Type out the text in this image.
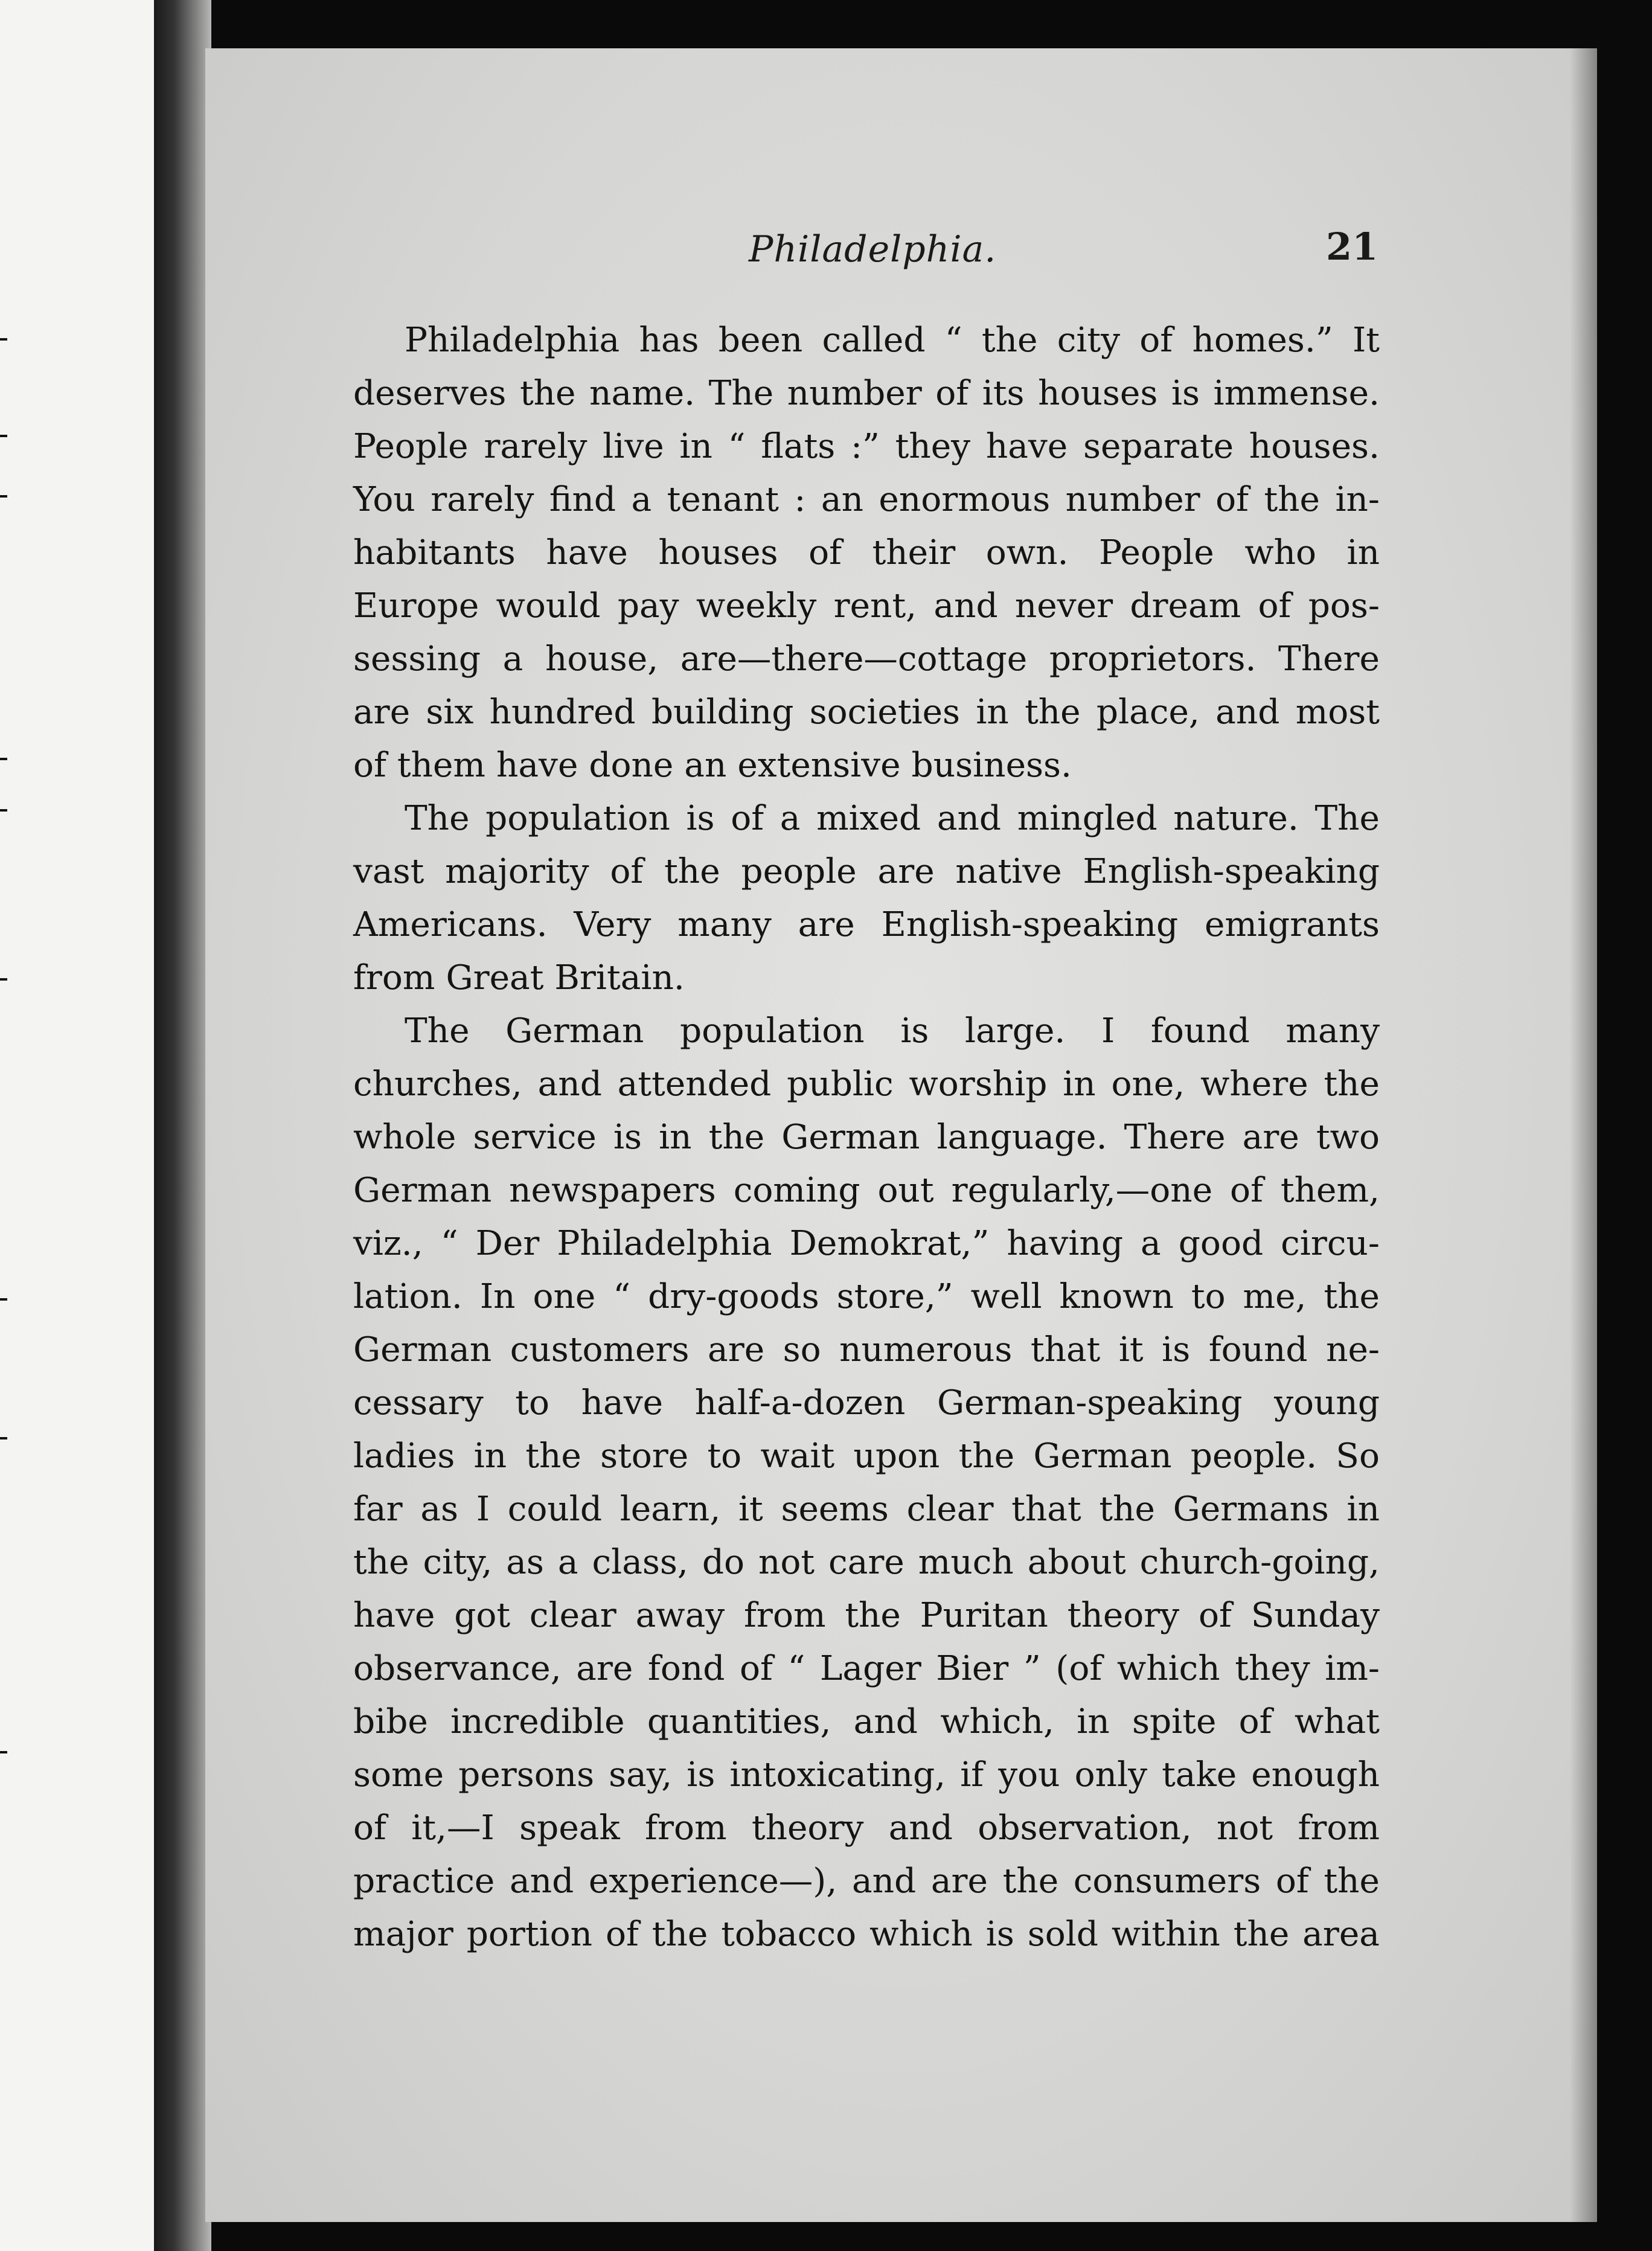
Philadelphia.	21
Philadelphia has been called “ the city of homes.” It
deserves the name. The number of its houses is immense.
People rarely live in “ flats :” they have separate houses.
You rarely find a tenant : an enormous number of the in-
habitants have houses of their own. People who in
Europe would pay weekly rent, and never dream of pos-
sessing a house, are—there—cottage proprietors. There
are six hundred building societies in the place, and most
of them have done an extensive business.
The population is of a mixed and mingled nature. The
vast majority of the people are native English-speaking
Americans. Very many are English-speaking emigrants
from Great Britain.
The German population is large. I found many
churches, and attended public worship in one, where the
whole service is in the German language. There are two
German newspapers coming out regularly,—one of them,
viz., “ Der Philadelphia Demokrat,” having a good circu-
lation. In one “ dry-goods store,” well known to me, the
German customers are so numerous that it is found ne-
cessary to have half-a-dozen German-speaking young
ladies in the store to wait upon the German people. So
far as I could learn, it seems clear that the Germans in
the city, as a class, do not care much about church-going,
have got clear away from the Puritan theory of Sunday
observance, are fond of “ Lager Bier ” (of which they im-
bibe incredible quantities, and which, in spite of what
some persons say, is intoxicating, if you only take enough
of it,—I speak from theory and observation, not from
practice and experience—), and are the consumers of the
major portion of the tobacco which is sold within the area
